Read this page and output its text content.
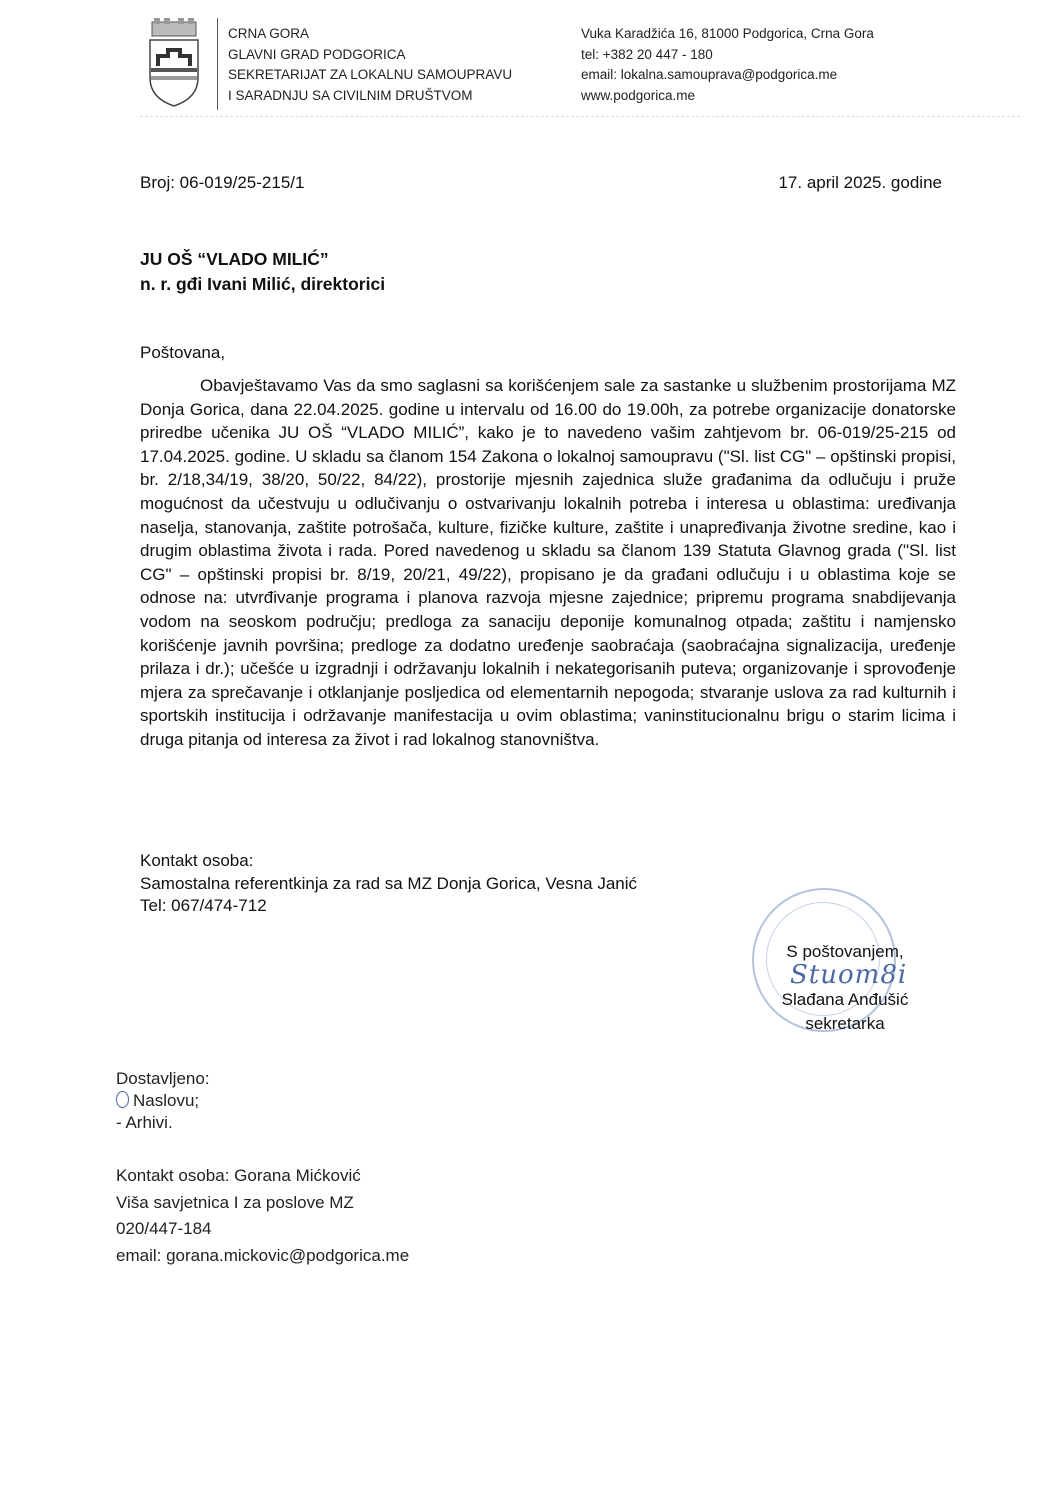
CRNA GORA
GLAVNI GRAD PODGORICA
SEKRETARIJAT ZA LOKALNU SAMOUPRAVU
I SARADNJU SA CIVILNIM DRUŠTVOM
Vuka Karadžića 16, 81000 Podgorica, Crna Gora
tel: +382 20 447 - 180
email: lokalna.samouprava@podgorica.me
www.podgorica.me
Broj: 06-019/25-215/1	17. april 2025. godine
JU OŠ “VLADO MILIĆ”
n. r. gđi Ivani Milić, direktorici
Poštovana,

Obavještavamo Vas da smo saglasni sa korišćenjem sale za sastanke u službenim prostorijama MZ Donja Gorica, dana 22.04.2025. godine u intervalu od 16.00 do 19.00h, za potrebe organizacije donatorske priredbe učenika JU OŠ “VLADO MILIĆ”, kako je to navedeno vašim zahtjevom br. 06-019/25-215 od 17.04.2025. godine. U skladu sa članom 154 Zakona o lokalnoj samoupravu ("Sl. list CG" – opštinski propisi, br. 2/18,34/19, 38/20, 50/22, 84/22), prostorije mjesnih zajednica služe građanima da odlučuju i pruže mogućnost da učestvuju u odlučivanju o ostvarivanju lokalnih potreba i interesa u oblastima: uređivanja naselja, stanovanja, zaštite potrošača, kulture, fizičke kulture, zaštite i unapređivanja životne sredine, kao i drugim oblastima života i rada. Pored navedenog u skladu sa članom 139 Statuta Glavnog grada ("Sl. list CG" – opštinski propisi br. 8/19, 20/21, 49/22), propisano je da građani odlučuju i u oblastima koje se odnose na: utvrđivanje programa i planova razvoja mjesne zajednice; pripremu programa snabdijevanja vodom na seoskom području; predloga za sanaciju deponije komunalnog otpada; zaštitu i namjensko korišćenje javnih površina; predloge za dodatno uređenje saobraćaja (saobraćajna signalizacija, uređenje prilaza i dr.); učešće u izgradnji i održavanju lokalnih i nekategorisanih puteva; organizovanje i sprovođenje mjera za sprečavanje i otklanjanje posljedica od elementarnih nepogoda; stvaranje uslova za rad kulturnih i sportskih institucija i održavanje manifestacija u ovim oblastima; vaninstitucionalnu brigu o starim licima i druga pitanja od interesa za život i rad lokalnog stanovništva.

Kontakt osoba:
Samostalna referentkinja za rad sa MZ Donja Gorica, Vesna Janić
Tel: 067/474-712
Stuom8i
S poštovanjem,
Slađana Anđušić
sekretarka
Dostavljeno:
Naslovu;
- Arhivi.
Kontakt osoba: Gorana Mićković
Viša savjetnica I za poslove MZ
020/447-184
email: gorana.mickovic@podgorica.me
